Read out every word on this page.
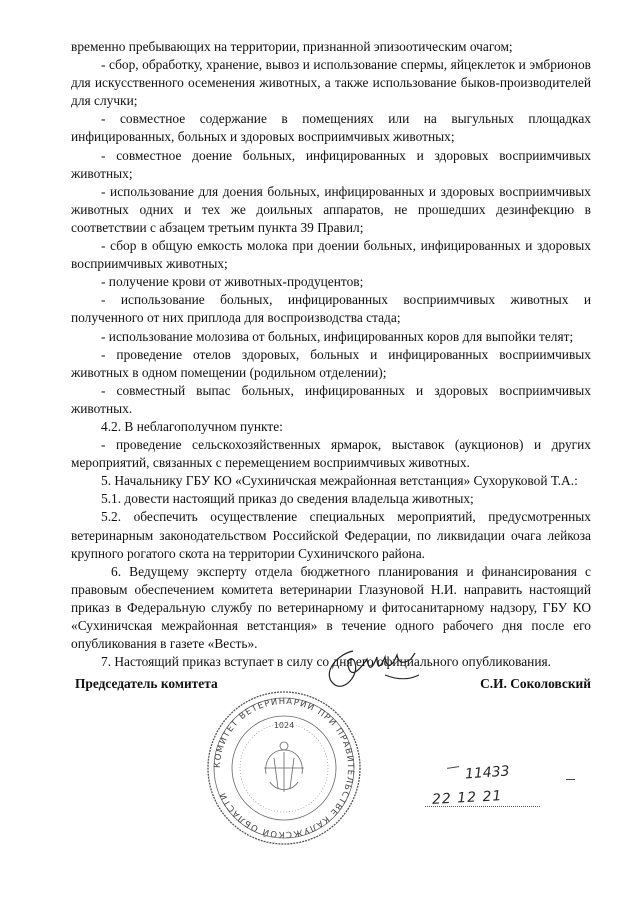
временно пребывающих на территории, признанной эпизоотическим очагом;

- сбор, обработку, хранение, вывоз и использование спермы, яйцеклеток и эмбрионов для искусственного осеменения животных, а также использование быков-производителей для случки;

- совместное содержание в помещениях или на выгульных площадках инфицированных, больных и здоровых восприимчивых животных;

- совместное доение больных, инфицированных и здоровых восприимчивых животных;

- использование для доения больных, инфицированных и здоровых восприимчивых животных одних и тех же доильных аппаратов, не прошедших дезинфекцию в соответствии с абзацем третьим пункта 39 Правил;

- сбор в общую емкость молока при доении больных, инфицированных и здоровых восприимчивых животных;

- получение крови от животных-продуцентов;

- использование больных, инфицированных восприимчивых животных и полученного от них приплода для воспроизводства стада;

- использование молозива от больных, инфицированных коров для выпойки телят;

- проведение отелов здоровых, больных и инфицированных восприимчивых животных в одном помещении (родильном отделении);

- совместный выпас больных, инфицированных и здоровых восприимчивых животных.

4.2. В неблагополучном пункте:

- проведение сельскохозяйственных ярмарок, выставок (аукционов) и других мероприятий, связанных с перемещением восприимчивых животных.

5. Начальнику ГБУ КО «Сухиничская межрайонная ветстанция» Сухоруковой Т.А.:

5.1. довести настоящий приказ до сведения владельца животных;

5.2. обеспечить осуществление специальных мероприятий, предусмотренных ветеринарным законодательством Российской Федерации, по ликвидации очага лейкоза крупного рогатого скота на территории Сухиничского района.

6. Ведущему эксперту отдела бюджетного планирования и финансирования с правовым обеспечением комитета ветеринарии Глазуновой Н.И. направить настоящий приказ в Федеральную службу по ветеринарному и фитосанитарному надзору, ГБУ КО «Сухиничская межрайонная ветстанция» в течение одного рабочего дня после его опубликования в газете «Весть».

7. Настоящий приказ вступает в силу со дня его официального опубликования.

Председатель комитета	С.И. Соколовский
КОМИТЕТ ВЕТЕРИНАРИИ ПРИ ПРАВИТЕЛЬСТВЕ КАЛУЖСКОЙ ОБЛАСТИ
1024
11433
22 12 21
